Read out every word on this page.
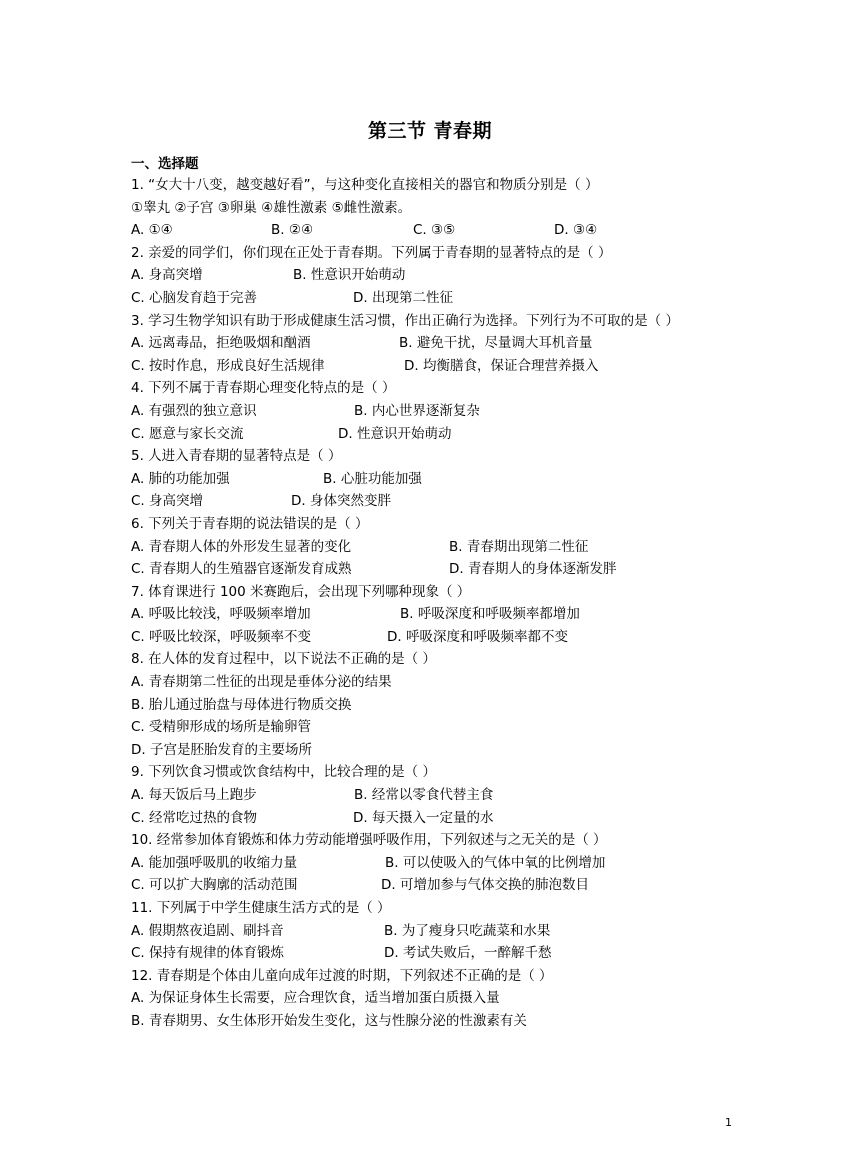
第三节 青春期
一、选择题
1. “女大十八变，越变越好看”，与这种变化直接相关的器官和物质分别是（ ）
①睾丸 ②子宫 ③卵巢 ④雄性激素 ⑤雌性激素。
A. ①④	B. ②④	C. ③⑤	D. ③④
2. 亲爱的同学们，你们现在正处于青春期。下列属于青春期的显著特点的是（ ）
A. 身高突增	B. 性意识开始萌动
C. 心脑发育趋于完善	D. 出现第二性征
3. 学习生物学知识有助于形成健康生活习惯，作出正确行为选择。下列行为不可取的是（ ）
A. 远离毒品，拒绝吸烟和酗酒	B. 避免干扰，尽量调大耳机音量
C. 按时作息，形成良好生活规律	D. 均衡膳食，保证合理营养摄入
4. 下列不属于青春期心理变化特点的是（ ）
A. 有强烈的独立意识	B. 内心世界逐渐复杂
C. 愿意与家长交流	D. 性意识开始萌动
5. 人进入青春期的显著特点是（ ）
A. 肺的功能加强	B. 心脏功能加强
C. 身高突增	D. 身体突然变胖
6. 下列关于青春期的说法错误的是（ ）
A. 青春期人体的外形发生显著的变化	B. 青春期出现第二性征
C. 青春期人的生殖器官逐渐发育成熟	D. 青春期人的身体逐渐发胖
7. 体育课进行 100 米赛跑后，会出现下列哪种现象（ ）
A. 呼吸比较浅，呼吸频率增加	B. 呼吸深度和呼吸频率都增加
C. 呼吸比较深，呼吸频率不变	D. 呼吸深度和呼吸频率都不变
8. 在人体的发育过程中，以下说法不正确的是（ ）
A. 青春期第二性征的出现是垂体分泌的结果
B. 胎儿通过胎盘与母体进行物质交换
C. 受精卵形成的场所是输卵管
D. 子宫是胚胎发育的主要场所
9. 下列饮食习惯或饮食结构中，比较合理的是（ ）
A. 每天饭后马上跑步	B. 经常以零食代替主食
C. 经常吃过热的食物	D. 每天摄入一定量的水
10. 经常参加体育锻炼和体力劳动能增强呼吸作用，下列叙述与之无关的是（ ）
A. 能加强呼吸肌的收缩力量	B. 可以使吸入的气体中氧的比例增加
C. 可以扩大胸廓的活动范围	D. 可增加参与气体交换的肺泡数目
11. 下列属于中学生健康生活方式的是（ ）
A. 假期熬夜追剧、刷抖音	B. 为了瘦身只吃蔬菜和水果
C. 保持有规律的体育锻炼	D. 考试失败后，一醉解千愁
12. 青春期是个体由儿童向成年过渡的时期，下列叙述不正确的是（ ）
A. 为保证身体生长需要，应合理饮食，适当增加蛋白质摄入量
B. 青春期男、女生体形开始发生变化，这与性腺分泌的性激素有关
1
